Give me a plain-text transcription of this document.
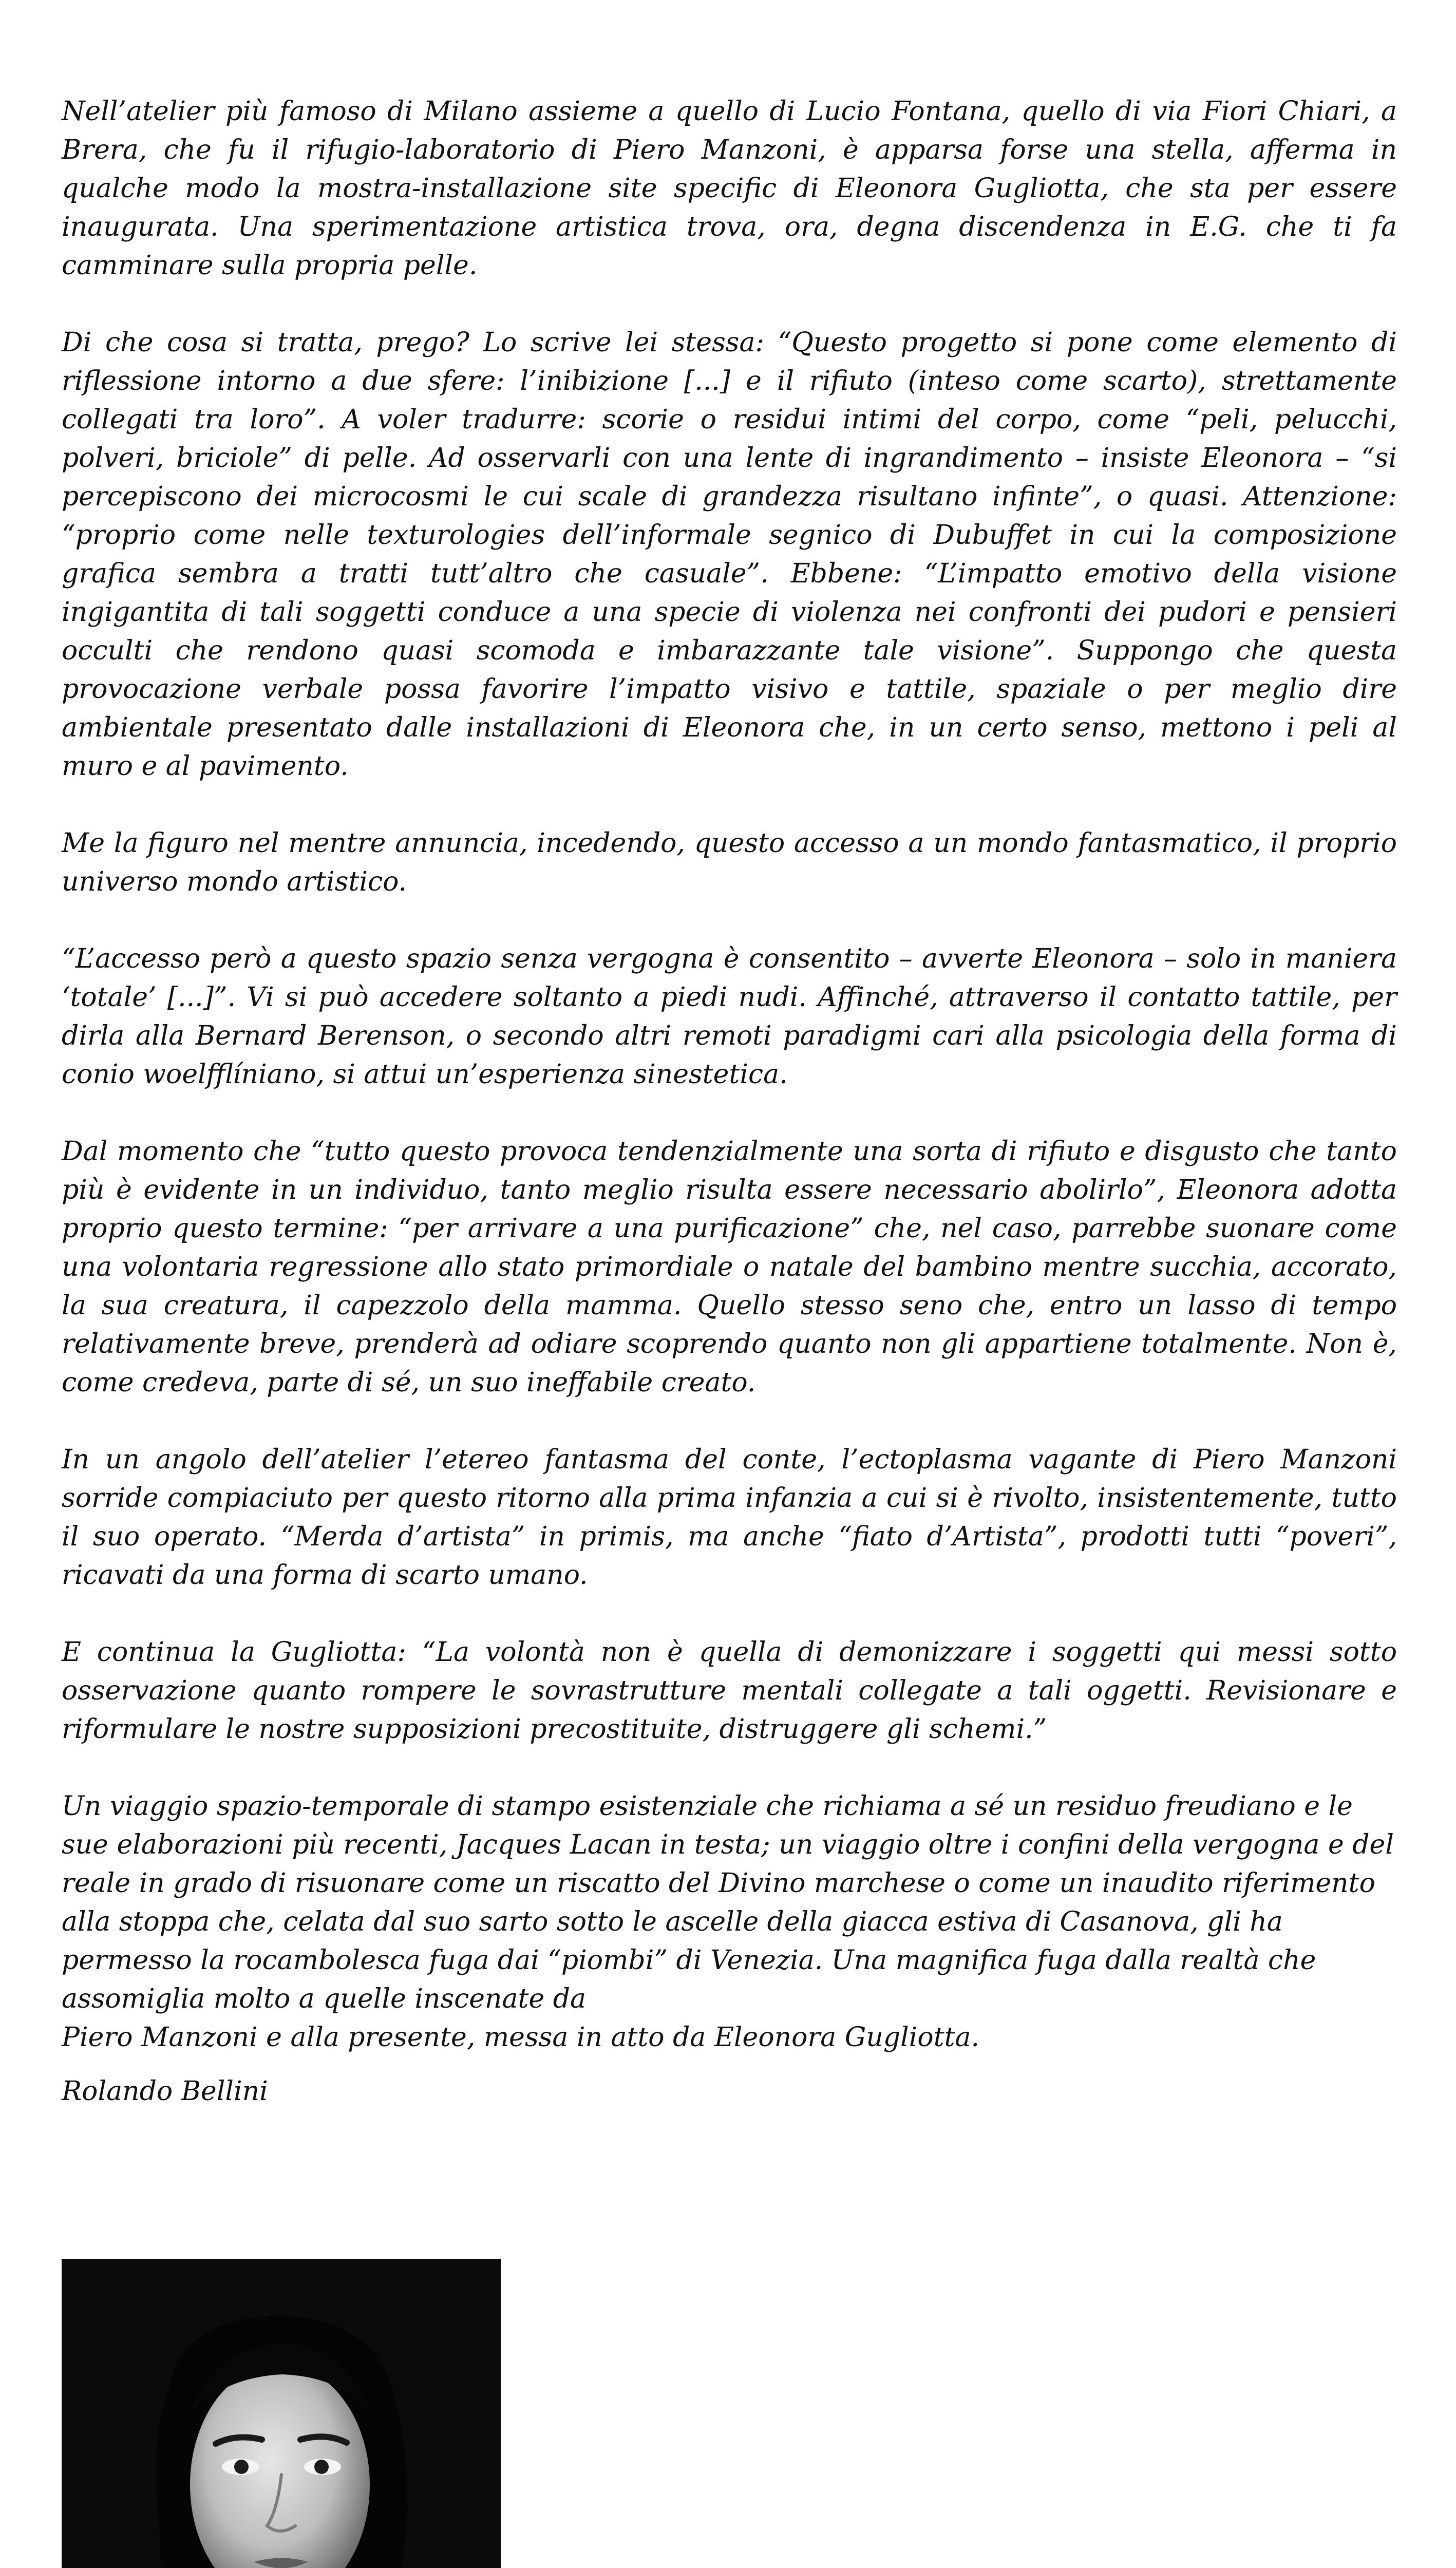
Nell’atelier più famoso di Milano assieme a quello di Lucio Fontana, quello di via Fiori Chiari, a Brera, che fu il rifugio-laboratorio di Piero Manzoni, è apparsa forse una stella, afferma in qualche modo la mostra-installazione site specific di Eleonora Gugliotta, che sta per essere inaugurata. Una sperimentazione artistica trova, ora, degna discendenza in E.G. che ti fa camminare sulla propria pelle.

Di che cosa si tratta, prego? Lo scrive lei stessa: “Questo progetto si pone come elemento di riflessione intorno a due sfere: l’inibizione [...] e il rifiuto (inteso come scarto), strettamente collegati tra loro”. A voler tradurre: scorie o residui intimi del corpo, come “peli, pelucchi, polveri, briciole” di pelle. Ad osservarli con una lente di ingrandimento – insiste Eleonora – “si percepiscono dei microcosmi le cui scale di grandezza risultano infinte”, o quasi. Attenzione: “proprio come nelle texturologies dell’informale segnico di Dubuffet in cui la composizione grafica sembra a tratti tutt’altro che casuale”. Ebbene: “L’impatto emotivo della visione ingigantita di tali soggetti conduce a una specie di violenza nei confronti dei pudori e pensieri occulti che rendono quasi scomoda e imbarazzante tale visione”. Suppongo che questa provocazione verbale possa favorire l’impatto visivo e tattile, spaziale o per meglio dire ambientale presentato dalle installazioni di Eleonora che, in un certo senso, mettono i peli al muro e al pavimento.

Me la figuro nel mentre annuncia, incedendo, questo accesso a un mondo fantasmatico, il proprio universo mondo artistico.

“L’accesso però a questo spazio senza vergogna è consentito – avverte Eleonora – solo in maniera ‘totale’ [...]”. Vi si può accedere soltanto a piedi nudi. Affinché, attraverso il contatto tattile, per dirla alla Bernard Berenson, o secondo altri remoti paradigmi cari alla psicologia della forma di conio woelfflíniano, si attui un’esperienza sinestetica.

Dal momento che “tutto questo provoca tendenzialmente una sorta di rifiuto e disgusto che tanto più è evidente in un individuo, tanto meglio risulta essere necessario abolirlo”, Eleonora adotta proprio questo termine: “per arrivare a una purificazione” che, nel caso, parrebbe suonare come una volontaria regressione allo stato primordiale o natale del bambino mentre succhia, accorato, la sua creatura, il capezzolo della mamma. Quello stesso seno che, entro un lasso di tempo relativamente breve, prenderà ad odiare scoprendo quanto non gli appartiene totalmente. Non è, come credeva, parte di sé, un suo ineffabile creato.

In un angolo dell’atelier l’etereo fantasma del conte, l’ectoplasma vagante di Piero Manzoni sorride compiaciuto per questo ritorno alla prima infanzia a cui si è rivolto, insistentemente, tutto il suo operato. “Merda d’artista” in primis, ma anche “fiato d’Artista”, prodotti tutti “poveri”, ricavati da una forma di scarto umano.

E continua la Gugliotta: “La volontà non è quella di demonizzare i soggetti qui messi sotto osservazione quanto rompere le sovrastrutture mentali collegate a tali oggetti. Revisionare e riformulare le nostre supposizioni precostituite, distruggere gli schemi.”

Un viaggio spazio-temporale di stampo esistenziale che richiama a sé un residuo freudiano e le sue elaborazioni più recenti, Jacques Lacan in testa; un viaggio oltre i confini della vergogna e del reale in grado di risuonare come un riscatto del Divino marchese o come un inaudito riferimento alla stoppa che, celata dal suo sarto sotto le ascelle della giacca estiva di Casanova, gli ha permesso la rocambolesca fuga dai “piombi” di Venezia. Una magnifica fuga dalla realtà che assomiglia molto a quelle inscenate da

Piero Manzoni e alla presente, messa in atto da Eleonora Gugliotta.

Rolando Bellini
